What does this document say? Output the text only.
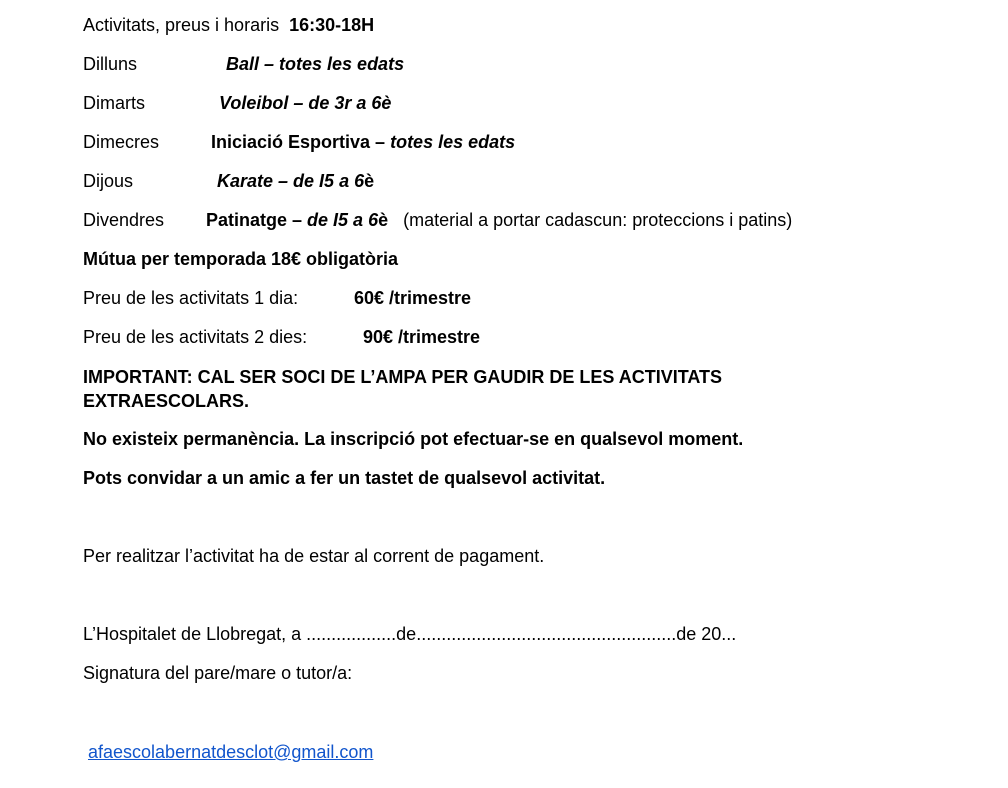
Activitats, preus i horaris 16:30-18H
Dilluns	Ball – totes les edats
Dimarts	Voleibol – de 3r a 6è
Dimecres	Iniciació Esportiva – totes les edats
Dijous	Karate – de I5 a 6è
Divendres Patinatge – de I5 a 6è   (material a portar cadascun: proteccions i patins)
Mútua per temporada 18€ obligatòria
Preu de les activitats 1 dia:	60€ /trimestre
Preu de les activitats 2 dies:	90€ /trimestre
IMPORTANT: CAL SER SOCI DE L’AMPA PER GAUDIR DE LES ACTIVITATS EXTRAESCOLARS.
No existeix permanència. La inscripció pot efectuar-se en qualsevol moment.
Pots convidar a un amic a fer un tastet de qualsevol activitat.
Per realitzar l’activitat ha de estar al corrent de pagament.
L’Hospitalet de Llobregat, a ..................de....................................................de 20...
Signatura del pare/mare o tutor/a:
afaescolabernatdesclot@gmail.com
